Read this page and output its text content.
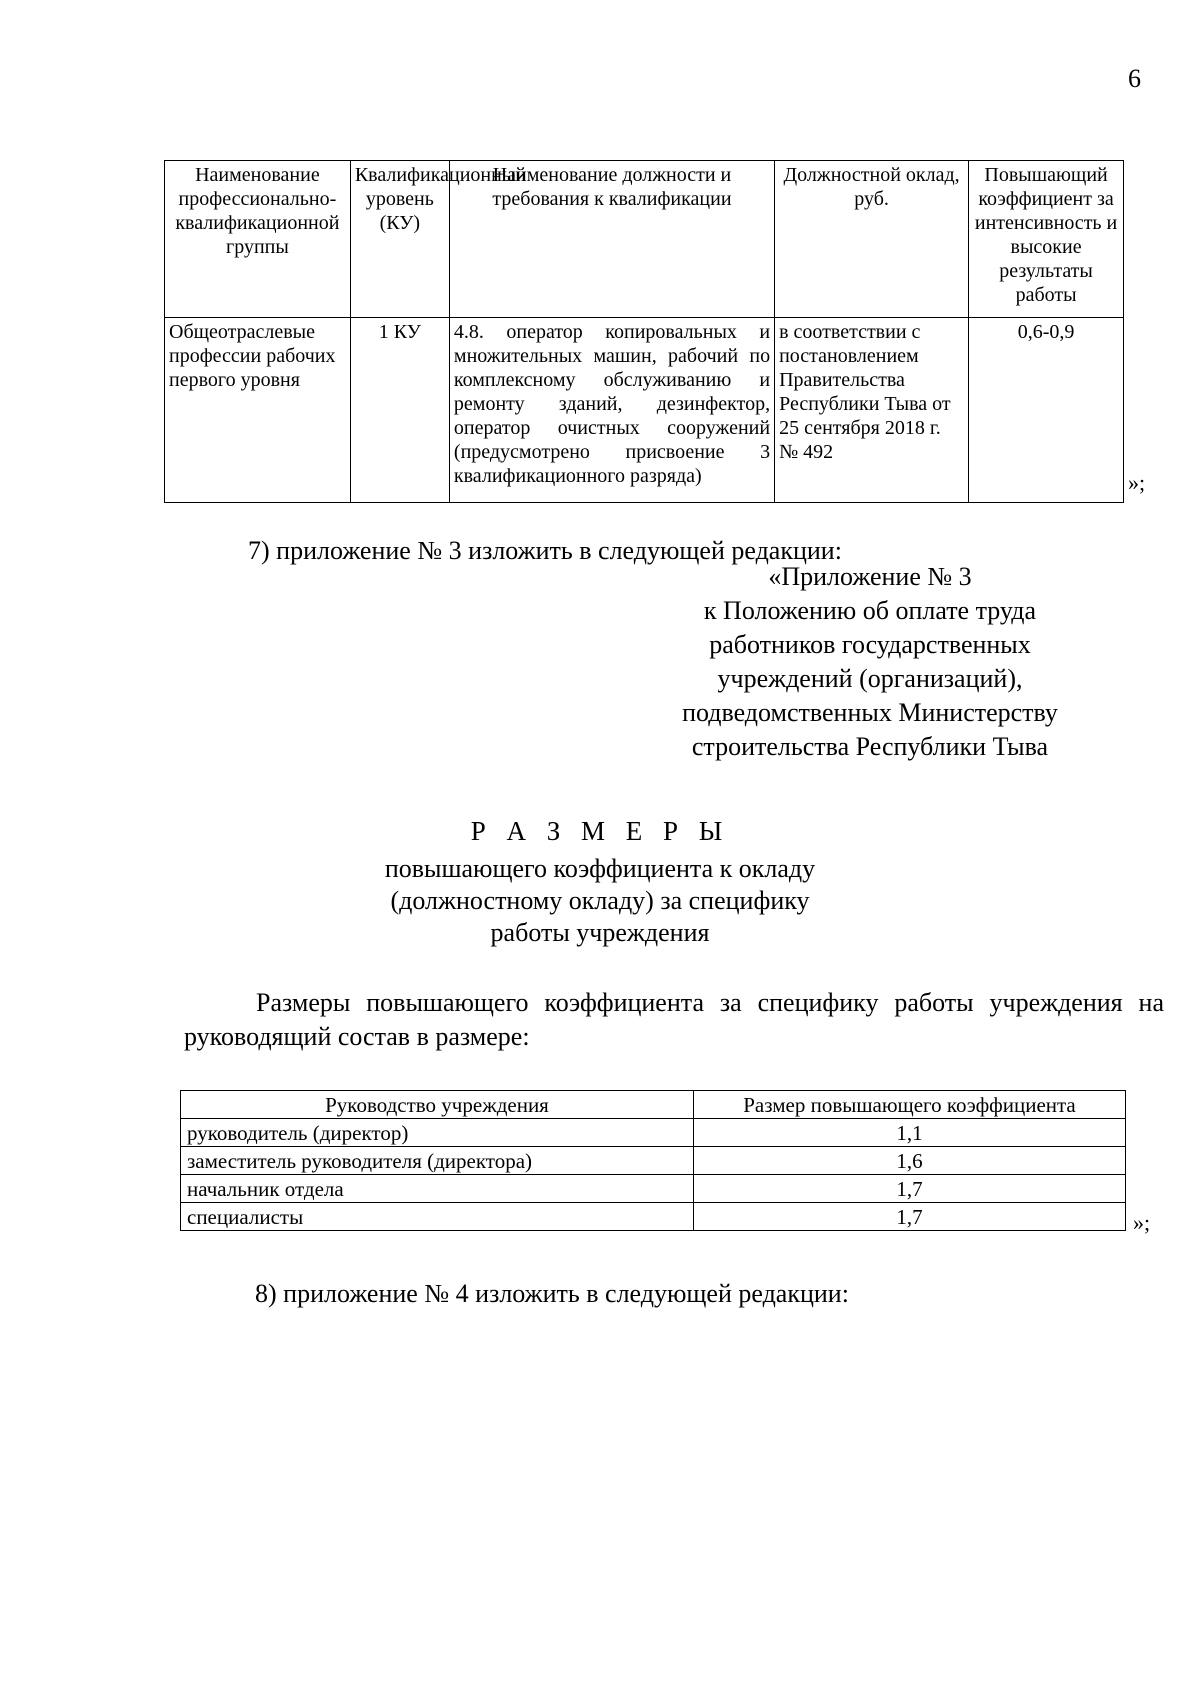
6
Наименование профессионально-квалификационной группы	Квалификационный уровень (КУ)	Наименование должности и требования к квалификации	Должностной оклад, руб.	Повышающий коэффициент за интенсивность и высокие результаты работы
Общеотраслевые профессии рабочих первого уровня	1 КУ	4.8. оператор копировальных и множительных машин, рабочий по комплексному обслуживанию и ремонту зданий, дезинфектор, оператор очистных сооружений (предусмотрено присвоение 3 квалификационного разряда)	в соответствии с постановлением Правительства Республики Тыва от 25 сентября 2018 г. № 492	0,6-0,9
»;
7) приложение № 3 изложить в следующей редакции:
«Приложение № 3
к Положению об оплате труда
работников государственных
учреждений (организаций),
подведомственных Министерству
строительства Республики Тыва
Р А З М Е Р Ы
повышающего коэффициента к окладу
(должностному окладу) за специфику
работы учреждения
Размеры повышающего коэффициента за специфику работы учреждения на руководящий состав в размере:
Руководство учреждения	Размер повышающего коэффициента
руководитель (директор)	1,1
заместитель руководителя (директора)	1,6
начальник отдела	1,7
специалисты	1,7	»;
8) приложение № 4 изложить в следующей редакции:
